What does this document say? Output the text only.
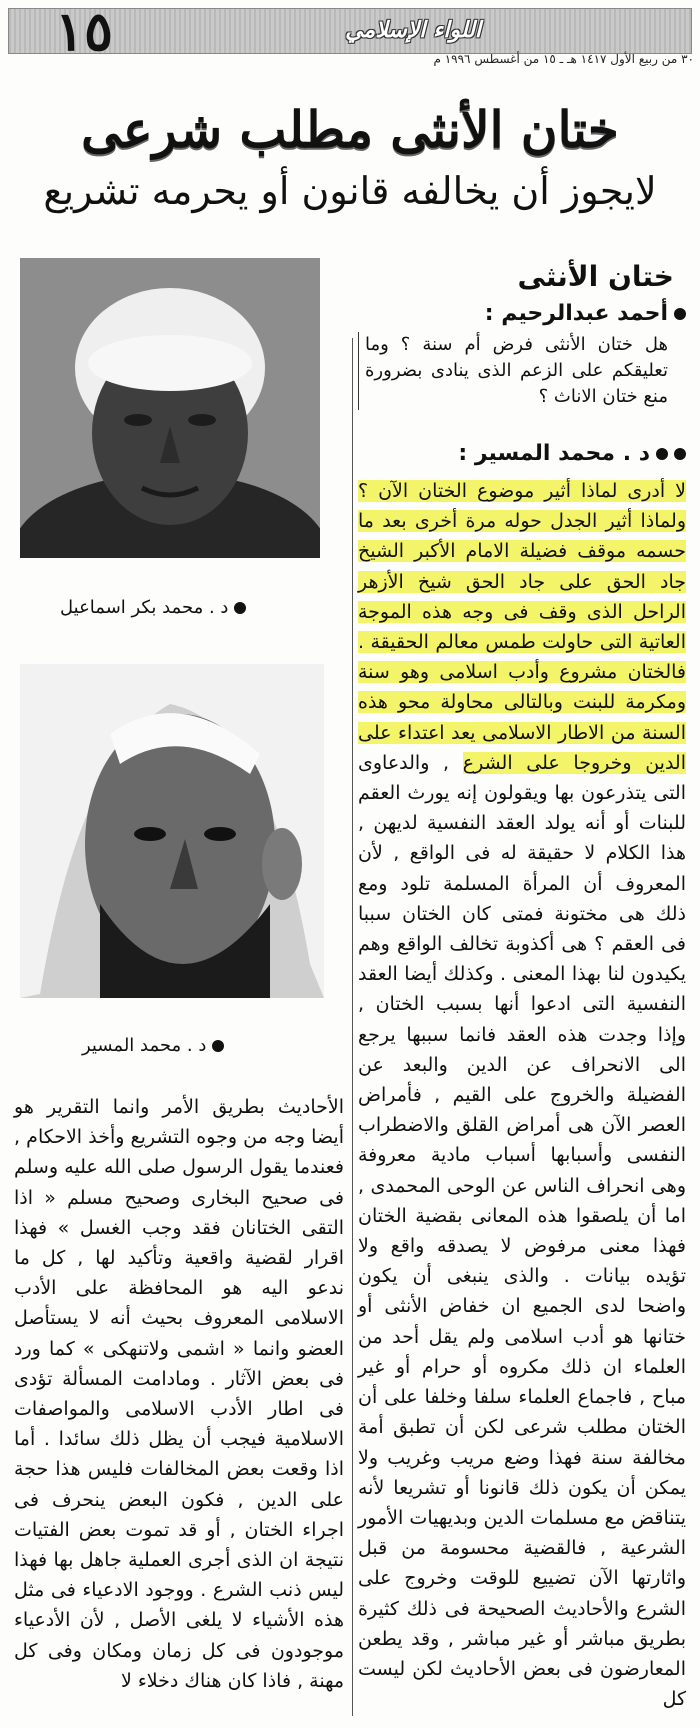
١٥	اللواء الإسلامي
٣٠ من ربيع الأول ١٤١٧ هـ ـ ١٥ من أغسطس ١٩٩٦ م
ختان الأنثى مطلب شرعى
لايجوز أن يخالفه قانون أو يحرمه تشريع
ختان الأنثى
أحمد عبدالرحيم :

هل ختان الأنثى فرض أم سنة ؟ وما تعليقكم على الزعم الذى ينادى بضرورة منع ختان الاناث ؟

د . محمد المسير :

لا أدرى لماذا أثير موضوع الختان الآن ؟ ولماذا أثير الجدل حوله مرة أخرى بعد ما حسمه موقف فضيلة الامام الأكبر الشيخ جاد الحق على جاد الحق شيخ الأزهر الراحل الذى وقف فى وجه هذه الموجة العاتية التى حاولت طمس معالم الحقيقة . فالختان مشروع وأدب اسلامى وهو سنة ومكرمة للبنت وبالتالى محاولة محو هذه السنة من الاطار الاسلامى يعد اعتداء على الدين وخروجا على الشرع , والدعاوى التى يتذرعون بها ويقولون إنه يورث العقم للبنات أو أنه يولد العقد النفسية لديهن , هذا الكلام لا حقيقة له فى الواقع , لأن المعروف أن المرأة المسلمة تلود ومع ذلك هى مختونة فمتى كان الختان سببا فى العقم ؟ هى أكذوبة تخالف الواقع وهم يكيدون لنا بهذا المعنى . وكذلك أيضا العقد النفسية التى ادعوا أنها بسبب الختان , وإذا وجدت هذه العقد فانما سببها يرجع الى الانحراف عن الدين والبعد عن الفضيلة والخروج على القيم , فأمراض العصر الآن هى أمراض القلق والاضطراب النفسى وأسبابها أسباب مادية معروفة وهى انحراف الناس عن الوحى المحمدى , اما أن يلصقوا هذه المعانى بقضية الختان فهذا معنى مرفوض لا يصدقه واقع ولا تؤيده بيانات . والذى ينبغى أن يكون واضحا لدى الجميع ان خفاض الأنثى أو ختانها هو أدب اسلامى ولم يقل أحد من العلماء ان ذلك مكروه أو حرام أو غير مباح , فاجماع العلماء سلفا وخلفا على أن الختان مطلب شرعى لكن أن تطبق أمة مخالفة سنة فهذا وضع مريب وغريب ولا يمكن أن يكون ذلك قانونا أو تشريعا لأنه يتناقض مع مسلمات الدين وبديهيات الأمور الشرعية , فالقضية محسومة من قبل واثارتها الآن تضييع للوقت وخروج على الشرع والأحاديث الصحيحة فى ذلك كثيرة بطريق مباشر أو غير مباشر , وقد يطعن المعارضون فى بعض الأحاديث لكن ليست كل

د . محمد بكر اسماعيل
د . محمد المسير

الأحاديث بطريق الأمر وانما التقرير هو أيضا وجه من وجوه التشريع وأخذ الاحكام , فعندما يقول الرسول صلى الله عليه وسلم فى صحيح البخارى وصحيح مسلم « اذا التقى الختانان فقد وجب الغسل » فهذا اقرار لقضية واقعية وتأكيد لها , كل ما ندعو اليه هو المحافظة على الأدب الاسلامى المعروف بحيث أنه لا يستأصل العضو وانما « اشمى ولاتنهكى » كما ورد فى بعض الآثار . ومادامت المسألة تؤدى فى اطار الأدب الاسلامى والمواصفات الاسلامية فيجب أن يظل ذلك سائدا . أما اذا وقعت بعض المخالفات فليس هذا حجة على الدين , فكون البعض ينحرف فى اجراء الختان , أو قد تموت بعض الفتيات نتيجة ان الذى أجرى العملية جاهل بها فهذا ليس ذنب الشرع . ووجود الادعياء فى مثل هذه الأشياء لا يلغى الأصل , لأن الأدعياء موجودون فى كل زمان ومكان وفى كل مهنة , فاذا كان هناك دخلاء لا
